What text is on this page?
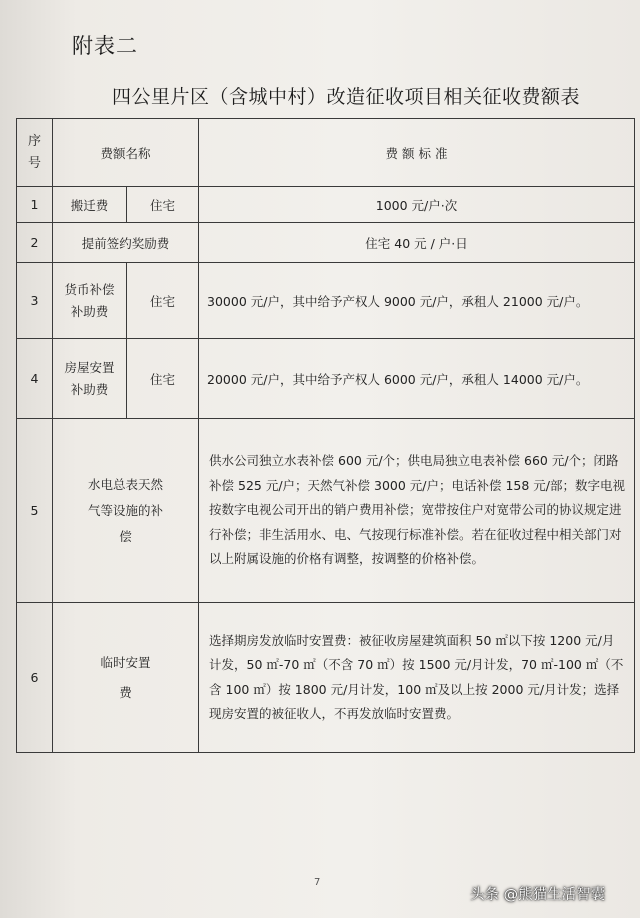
附表二
四公里片区（含城中村）改造征收项目相关征收费额表
序号	费额名称		费 额 标 准
1	搬迁费	住宅	1000 元/户·次
2	提前签约奖励费		住宅 40 元 / 户·日
3	货币补偿补助费	住宅	30000 元/户，其中给予产权人 9000 元/户，承租人 21000 元/户。
4	房屋安置补助费	住宅	20000 元/户，其中给予产权人 6000 元/户，承租人 14000 元/户。
5	水电总表天然气等设施的补偿		供水公司独立水表补偿 600 元/个；供电局独立电表补偿 660 元/个；闭路补偿 525 元/户；天然气补偿 3000 元/户；电话补偿 158 元/部；数字电视按数字电视公司开出的销户费用补偿；宽带按住户对宽带公司的协议规定进行补偿；非生活用水、电、气按现行标准补偿。若在征收过程中相关部门对以上附属设施的价格有调整，按调整的价格补偿。
6	临时安置费		选择期房发放临时安置费：被征收房屋建筑面积 50 ㎡以下按 1200 元/月计发，50 ㎡-70 ㎡（不含 70 ㎡）按 1500 元/月计发，70 ㎡-100 ㎡（不含 100 ㎡）按 1800 元/月计发，100 ㎡及以上按 2000 元/月计发；选择现房安置的被征收人，不再发放临时安置费。
7
头条 @熊猫生活智囊
